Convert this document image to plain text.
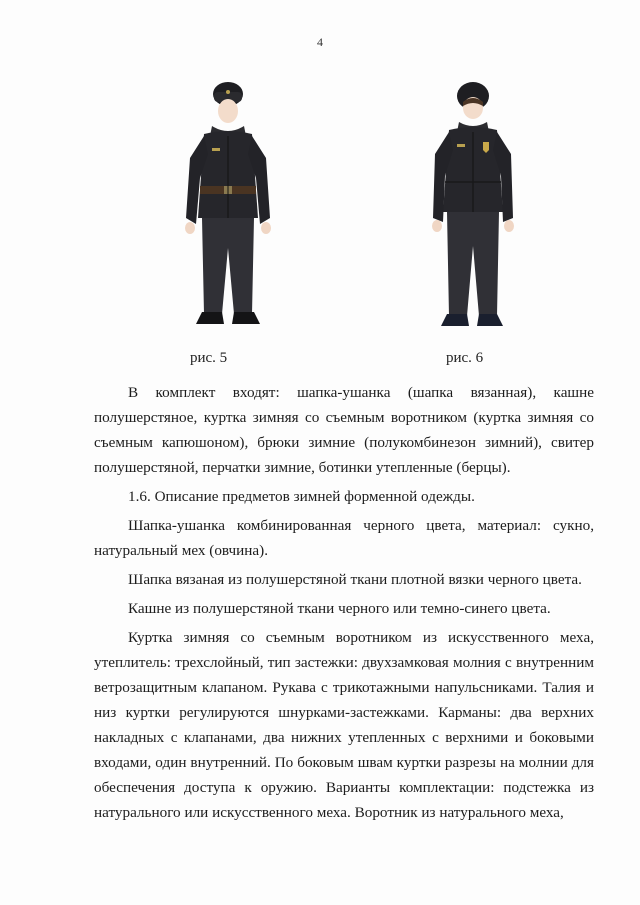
4
рис. 5	рис. 6

В комплект входят: шапка-ушанка (шапка вязанная), кашне полушерстяное, куртка зимняя со съемным воротником (куртка зимняя со съемным капюшоном), брюки зимние (полукомбинезон зимний), свитер полушерстяной, перчатки зимние, ботинки утепленные (берцы).

1.6. Описание предметов зимней форменной одежды.

Шапка-ушанка комбинированная черного цвета, материал: сукно, натуральный мех (овчина).

Шапка вязаная из полушерстяной ткани плотной вязки черного цвета.

Кашне из полушерстяной ткани черного или темно-синего цвета.

Куртка зимняя со съемным воротником из искусственного меха, утеплитель: трехслойный, тип застежки: двухзамковая молния с внутренним ветрозащитным клапаном. Рукава с трикотажными напульсниками. Талия и низ куртки регулируются шнурками-застежками. Карманы: два верхних накладных с клапанами, два нижних утепленных с верхними и боковыми входами, один внутренний. По боковым швам куртки разрезы на молнии для обеспечения доступа к оружию. Варианты комплектации: подстежка из натурального или искусственного меха. Воротник из натурального меха,
